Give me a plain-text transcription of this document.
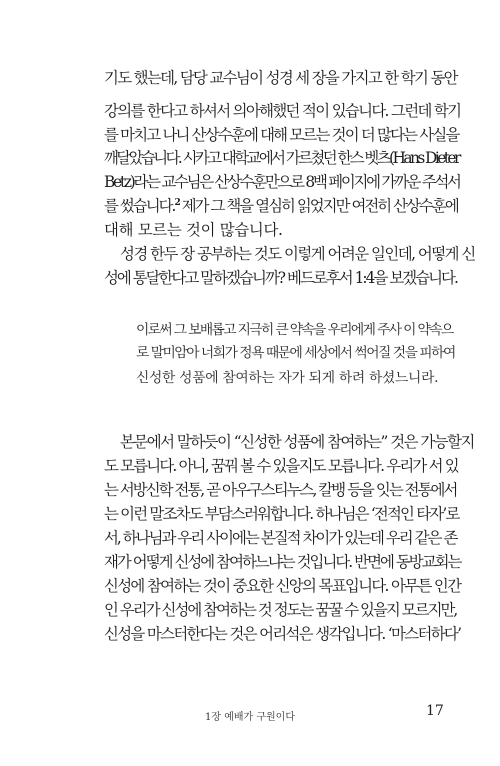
기도 했는데, 담당 교수님이 성경 세 장을 가지고 한 학기 동안
강의를 한다고 하셔서 의아해했던 적이 있습니다. 그런데 학기
를 마치고 나니 산상수훈에 대해 모르는 것이 더 많다는 사실을
깨달았습니다. 시카고 대학교에서 가르쳤던 한스 벳츠(Hans Dieter
Betz)라는 교수님은 산상수훈만으로 8백 페이지에 가까운 주석서
를 썼습니다.$^2$ 제가 그 책을 열심히 읽었지만 여전히 산상수훈에
대해 모르는 것이 많습니다.
성경 한두 장 공부하는 것도 이렇게 어려운 일인데, 어떻게 신
성에 통달한다고 말하겠습니까? 베드로후서 1:4을 보겠습니다.
이로써 그 보배롭고 지극히 큰 약속을 우리에게 주사 이 약속으
로 말미암아 너희가 정욕 때문에 세상에서 썩어질 것을 피하여
신성한 성품에 참여하는 자가 되게 하려 하셨느니라.
본문에서 말하듯이 “신성한 성품에 참여하는” 것은 가능할지
도 모릅니다. 아니, 꿈꿔 볼 수 있을지도 모릅니다. 우리가 서 있
는 서방신학 전통, 곧 아우구스티누스, 칼뱅 등을 잇는 전통에서
는 이런 말조차도 부담스러워합니다. 하나님은 ‘전적인 타자’로
서, 하나님과 우리 사이에는 본질적 차이가 있는데 우리 같은 존
재가 어떻게 신성에 참여하느냐는 것입니다. 반면에 동방교회는
신성에 참여하는 것이 중요한 신앙의 목표입니다. 아무튼 인간
인 우리가 신성에 참여하는 것 정도는 꿈꿀 수 있을지 모르지만,
신성을 마스터한다는 것은 어리석은 생각입니다. ‘마스터하다’
1장 예배가 구원이다	17
